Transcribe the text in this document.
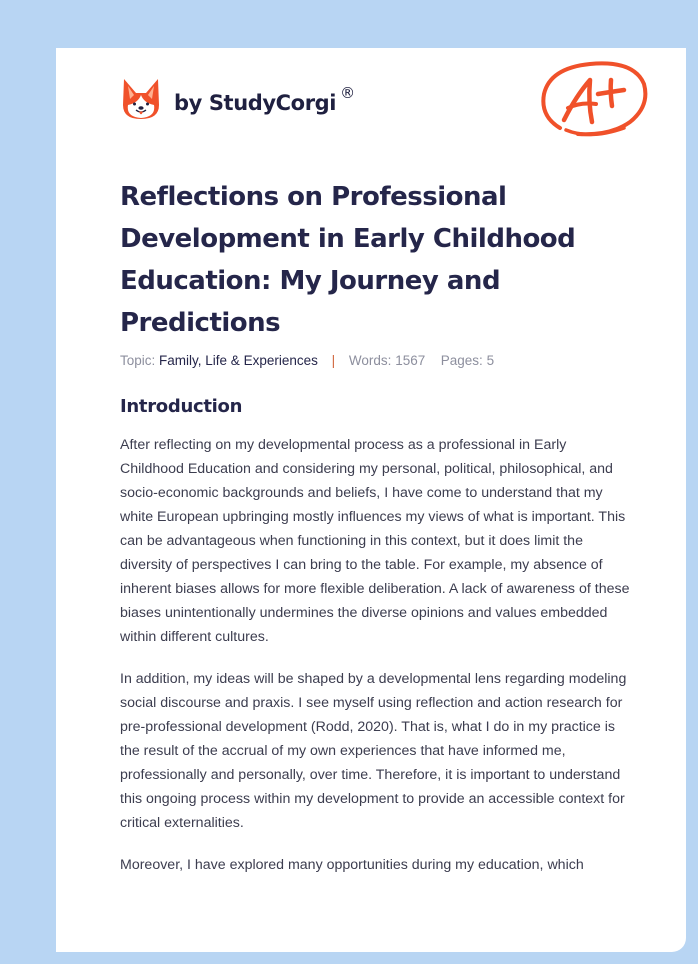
by StudyCorgi ®
Reflections on Professional Development in Early Childhood Education: My Journey and Predictions
Topic: Family, Life & Experiences | Words: 1567 Pages: 5
Introduction

After reflecting on my developmental process as a professional in Early Childhood Education and considering my personal, political, philosophical, and socio-economic backgrounds and beliefs, I have come to understand that my white European upbringing mostly influences my views of what is important. This can be advantageous when functioning in this context, but it does limit the diversity of perspectives I can bring to the table. For example, my absence of inherent biases allows for more flexible deliberation. A lack of awareness of these biases unintentionally undermines the diverse opinions and values embedded within different cultures.

In addition, my ideas will be shaped by a developmental lens regarding modeling social discourse and praxis. I see myself using reflection and action research for pre-professional development (Rodd, 2020). That is, what I do in my practice is the result of the accrual of my own experiences that have informed me, professionally and personally, over time. Therefore, it is important to understand this ongoing process within my development to provide an accessible context for critical externalities.

Moreover, I have explored many opportunities during my education, which
